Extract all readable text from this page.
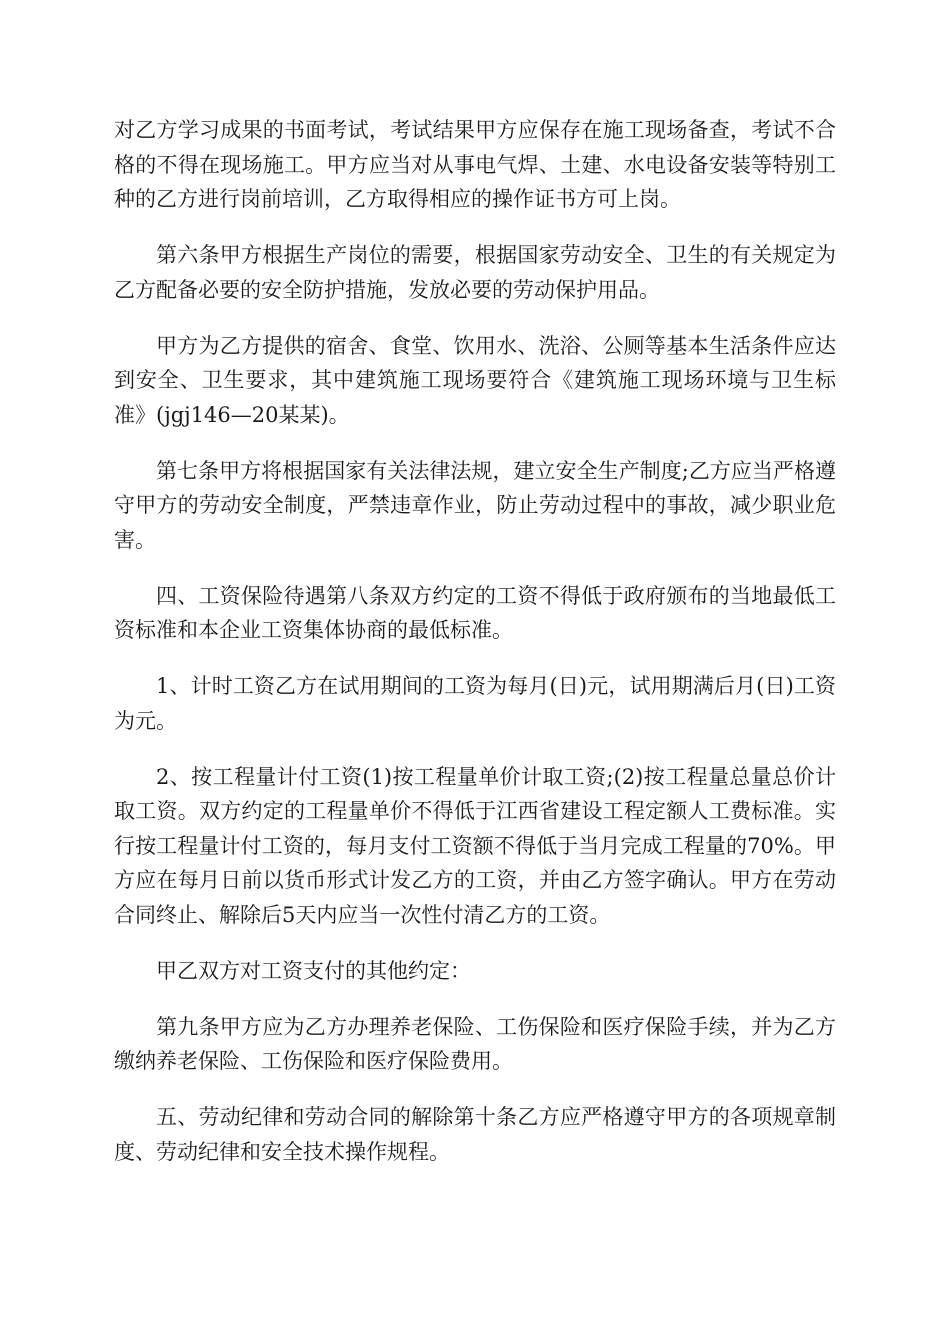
对乙方学习成果的书面考试，考试结果甲方应保存在施工现场备查，考试不合格的不得在现场施工。甲方应当对从事电气焊、土建、水电设备安装等特别工种的乙方进行岗前培训，乙方取得相应的操作证书方可上岗。

第六条甲方根据生产岗位的需要，根据国家劳动安全、卫生的有关规定为乙方配备必要的安全防护措施，发放必要的劳动保护用品。

甲方为乙方提供的宿舍、食堂、饮用水、洗浴、公厕等基本生活条件应达到安全、卫生要求，其中建筑施工现场要符合《建筑施工现场环境与卫生标准》(jgj146—20某某)。

第七条甲方将根据国家有关法律法规，建立安全生产制度;乙方应当严格遵守甲方的劳动安全制度，严禁违章作业，防止劳动过程中的事故，减少职业危害。

四、工资保险待遇第八条双方约定的工资不得低于政府颁布的当地最低工资标准和本企业工资集体协商的最低标准。

1、计时工资乙方在试用期间的工资为每月(日)元，试用期满后月(日)工资为元。

2、按工程量计付工资(1)按工程量单价计取工资;(2)按工程量总量总价计取工资。双方约定的工程量单价不得低于江西省建设工程定额人工费标准。实行按工程量计付工资的，每月支付工资额不得低于当月完成工程量的70%。甲方应在每月日前以货币形式计发乙方的工资，并由乙方签字确认。甲方在劳动合同终止、解除后5天内应当一次性付清乙方的工资。

甲乙双方对工资支付的其他约定：

第九条甲方应为乙方办理养老保险、工伤保险和医疗保险手续，并为乙方缴纳养老保险、工伤保险和医疗保险费用。

五、劳动纪律和劳动合同的解除第十条乙方应严格遵守甲方的各项规章制度、劳动纪律和安全技术操作规程。
